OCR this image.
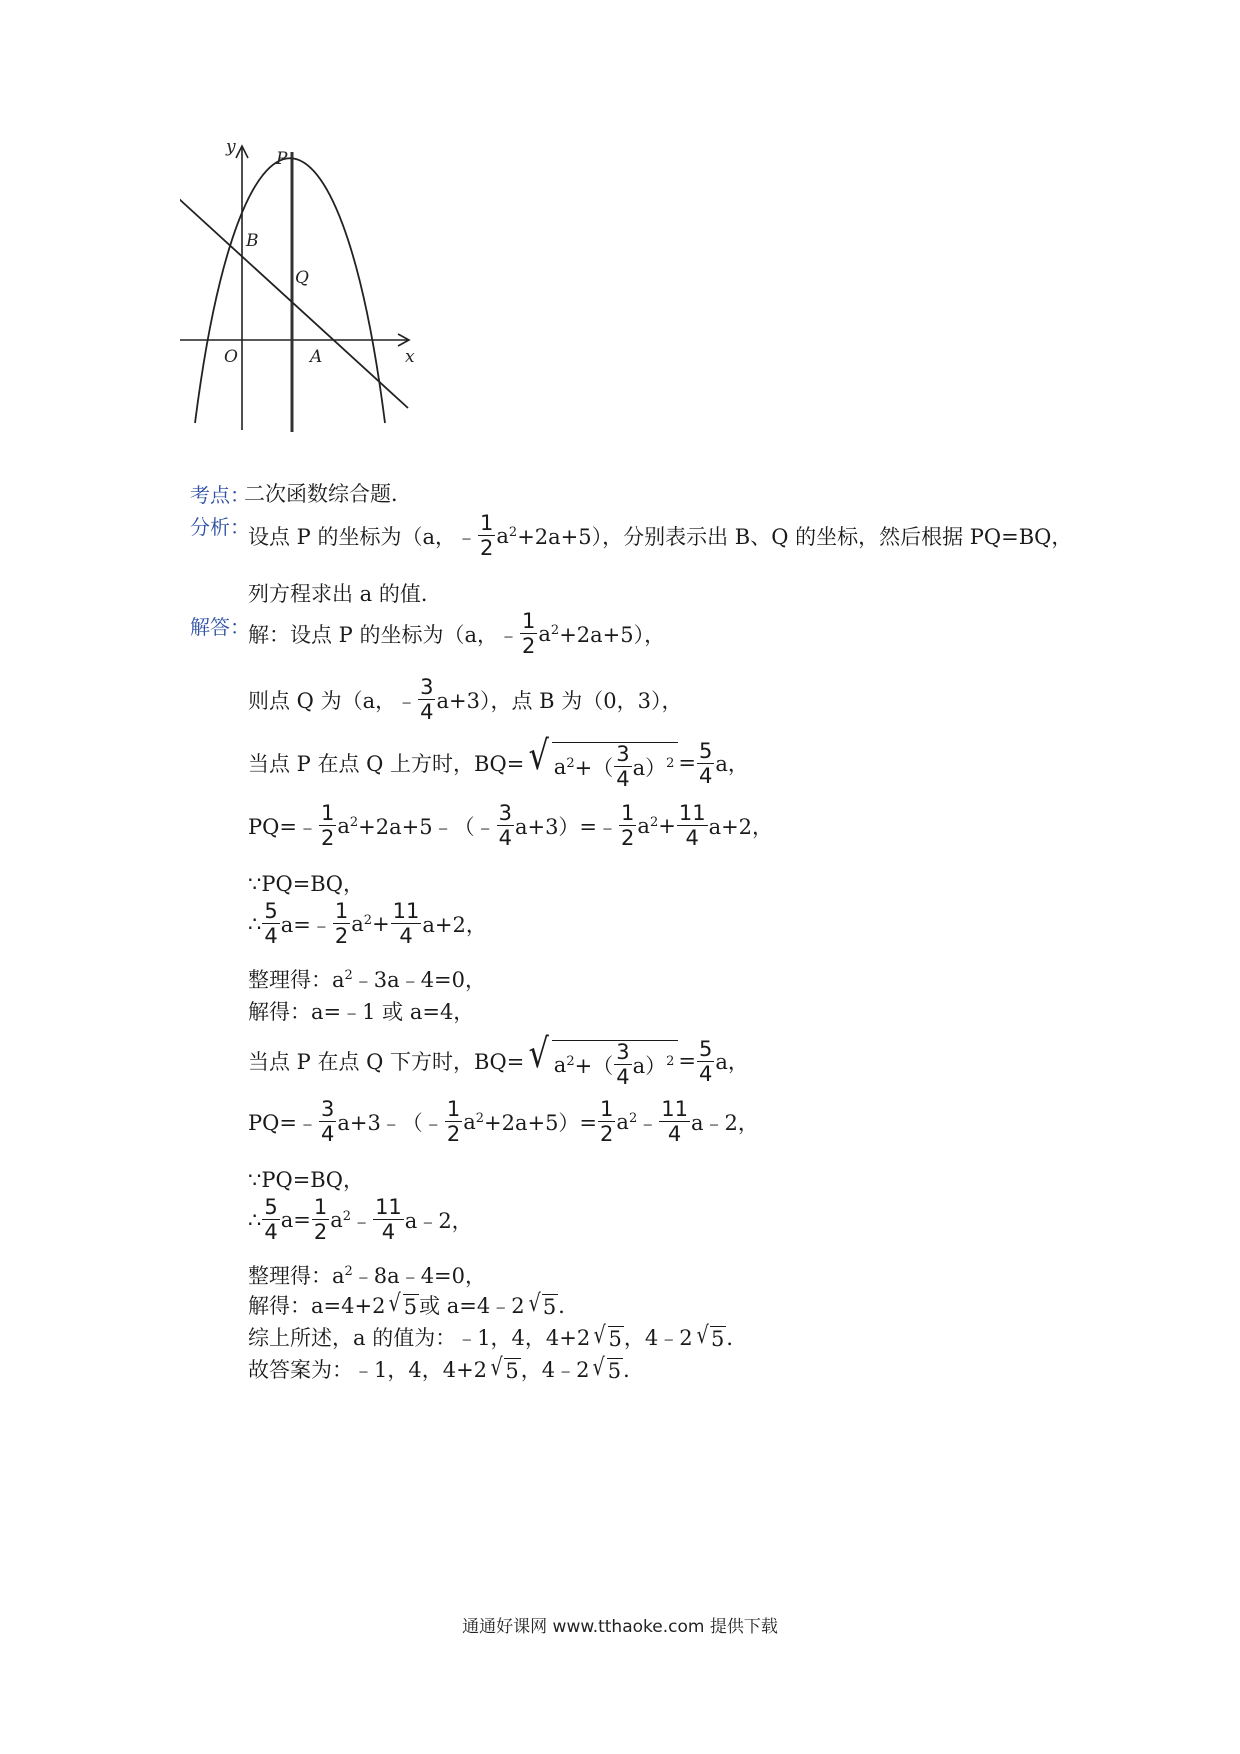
y
x
P
B
Q
O	A
考点：
二次函数综合题．
分析：
设点 P 的坐标为（a，﹣ $\frac{1}{2} a^2 +2a+5$），分别表示出 B、Q 的坐标，然后根据 PQ=BQ，
列方程求出 a 的值．
解答：
解：设点 P 的坐标为（a，﹣ $\frac{1}{2} a^2 +2a+5$），
则点 Q 为（a，﹣ $\frac{3}{4} a+3$），点 B 为（0，3），
当点 P 在点 Q 上方时，BQ= √ $a^2$ +（ $\frac{3}{4} a)^2 = \frac{5}{4}$ a，
PQ=﹣ $\frac{1}{2} a^2$ +2a+5﹣（﹣ $\frac{3}{4}$ a+3）=﹣ $\frac{1}{2} a^2 + \frac{11}{4} a+2$，
∵PQ=BQ，
∴ $\frac{5}{4}$ a=﹣ $\frac{1}{2} a^2 + \frac{11}{4} a+2$，
整理得：$a^2$ ﹣3a﹣4=0，
解得：a=﹣1 或 a=4，
当点 P 在点 Q 下方时，BQ= √ $a^2$ +（ $\frac{3}{4} a)^2 = \frac{5}{4}$ a，
PQ=﹣ $\frac{3}{4}$ a+3﹣（﹣ $\frac{1}{2} a^2 +2a+5)= \frac{1}{2} a^2$ ﹣ $\frac{11}{4}$ a﹣2，
∵PQ=BQ，
∴ $\frac{5}{4} a= \frac{1}{2} a^2$ ﹣ $\frac{11}{4}$ a﹣2，
整理得：$a^2$ ﹣8a﹣4=0，
解得：a=4+2 √ 5 或 a=4﹣2 √ 5 ．
综上所述，a 的值为：﹣1，4，4+2 √ 5 ，4﹣2 √ 5 ．
故答案为：﹣1，4，4+2 √ 5 ，4﹣2 √ 5 ．
通通好课网 www.tthaoke.com 提供下载
